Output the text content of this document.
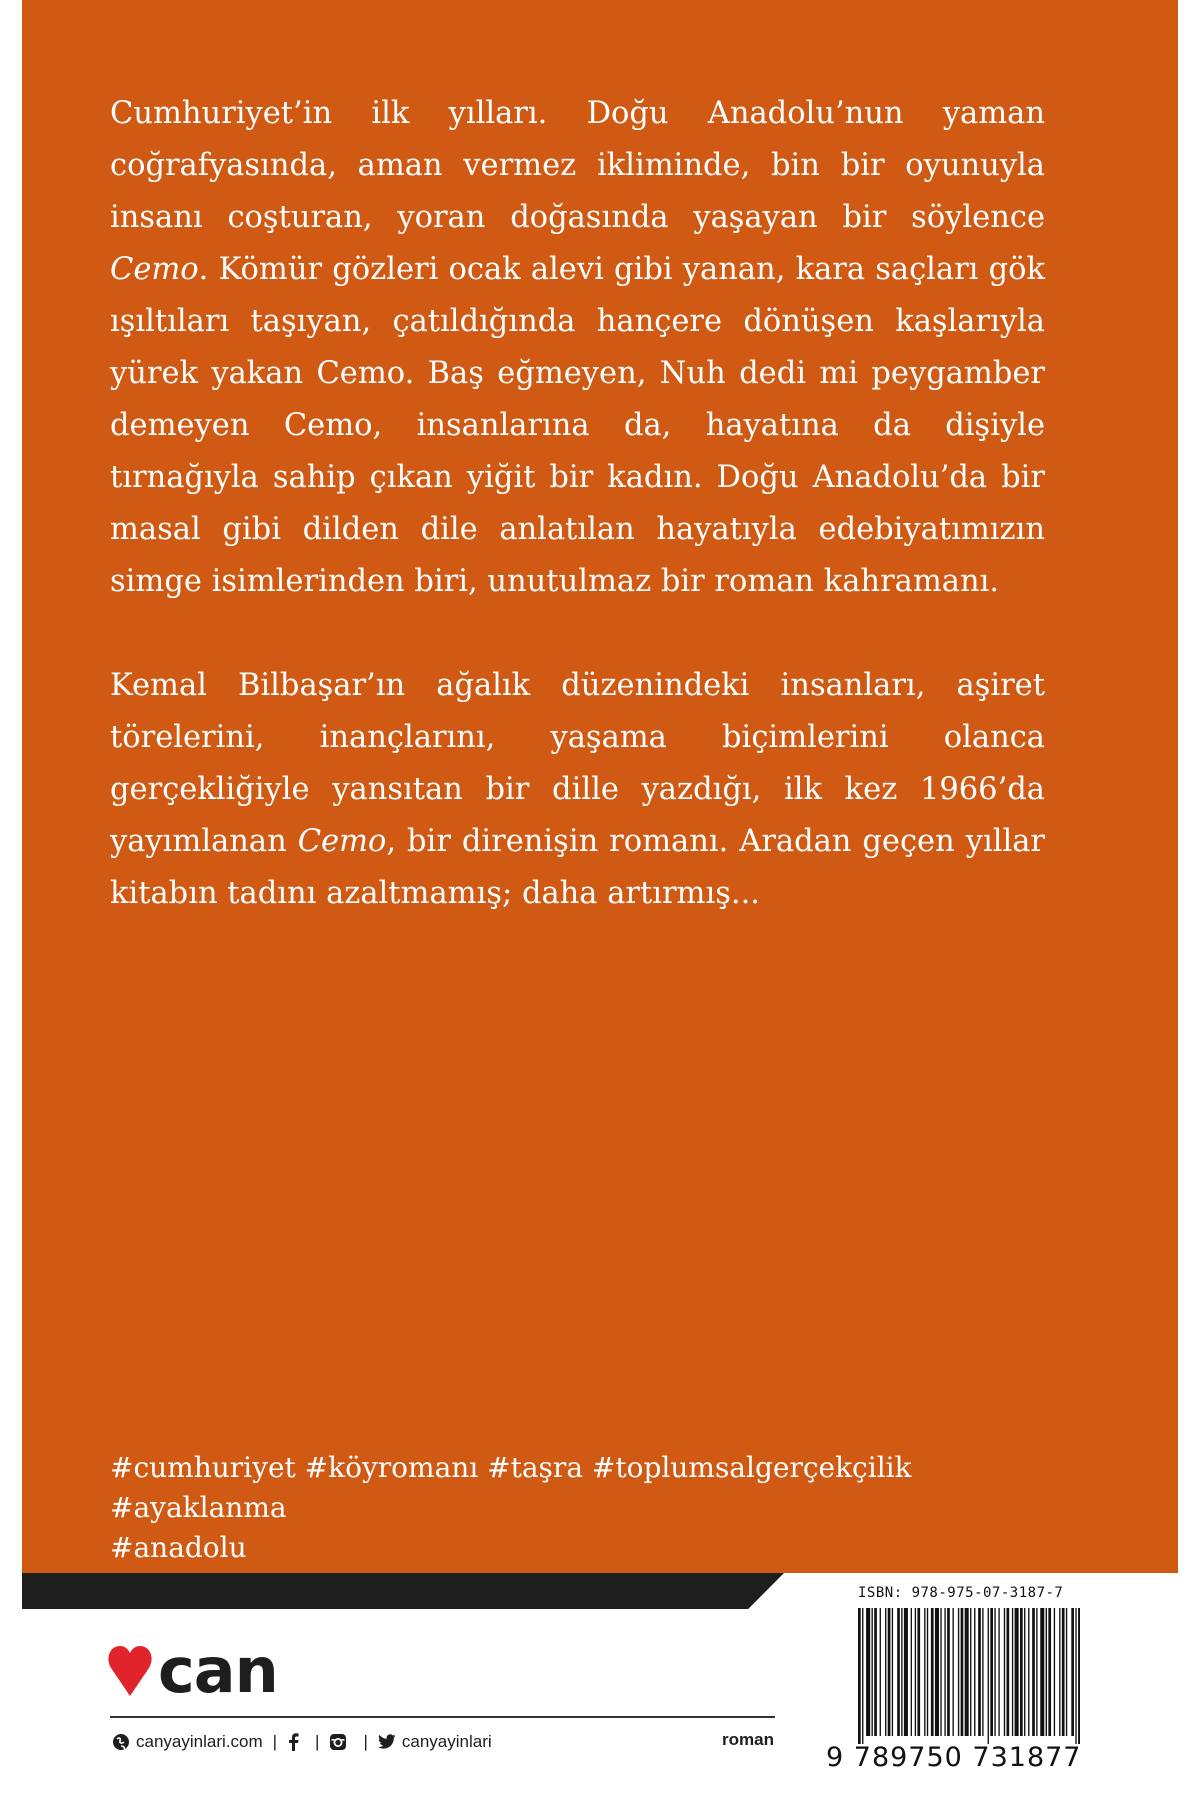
Cumhuriyet’in ilk yılları. Doğu Anadolu’nun yaman coğrafyasında, aman vermez ikliminde, bin bir oyunuyla insanı coşturan, yoran doğasında yaşayan bir söylence Cemo. Kömür gözleri ocak alevi gibi yanan, kara saçları gök ışıltıları taşıyan, çatıldığında hançere dönüşen kaşlarıyla yürek yakan Cemo. Baş eğmeyen, Nuh dedi mi peygamber demeyen Cemo, insanlarına da, hayatına da dişiyle tırnağıyla sahip çıkan yiğit bir kadın. Doğu Anadolu’da bir masal gibi dilden dile anlatılan hayatıyla edebiyatımızın simge isimlerinden biri, unutulmaz bir roman kahramanı.

Kemal Bilbaşar’ın ağalık düzenindeki insanları, aşiret törelerini, inançlarını, yaşama biçimlerini olanca gerçekliğiyle yansıtan bir dille yazdığı, ilk kez 1966’da yayımlanan Cemo, bir direnişin romanı. Aradan geçen yıllar kitabın tadını azaltmamış; daha artırmış...

#cumhuriyet #köyromanı #taşra #toplumsalgerçekçilik #ayaklanma
#anadolu
can
canyayinlari.com | |	| canyayinlari	roman
ISBN: 978-975-07-3187-7
9 789750 731877
